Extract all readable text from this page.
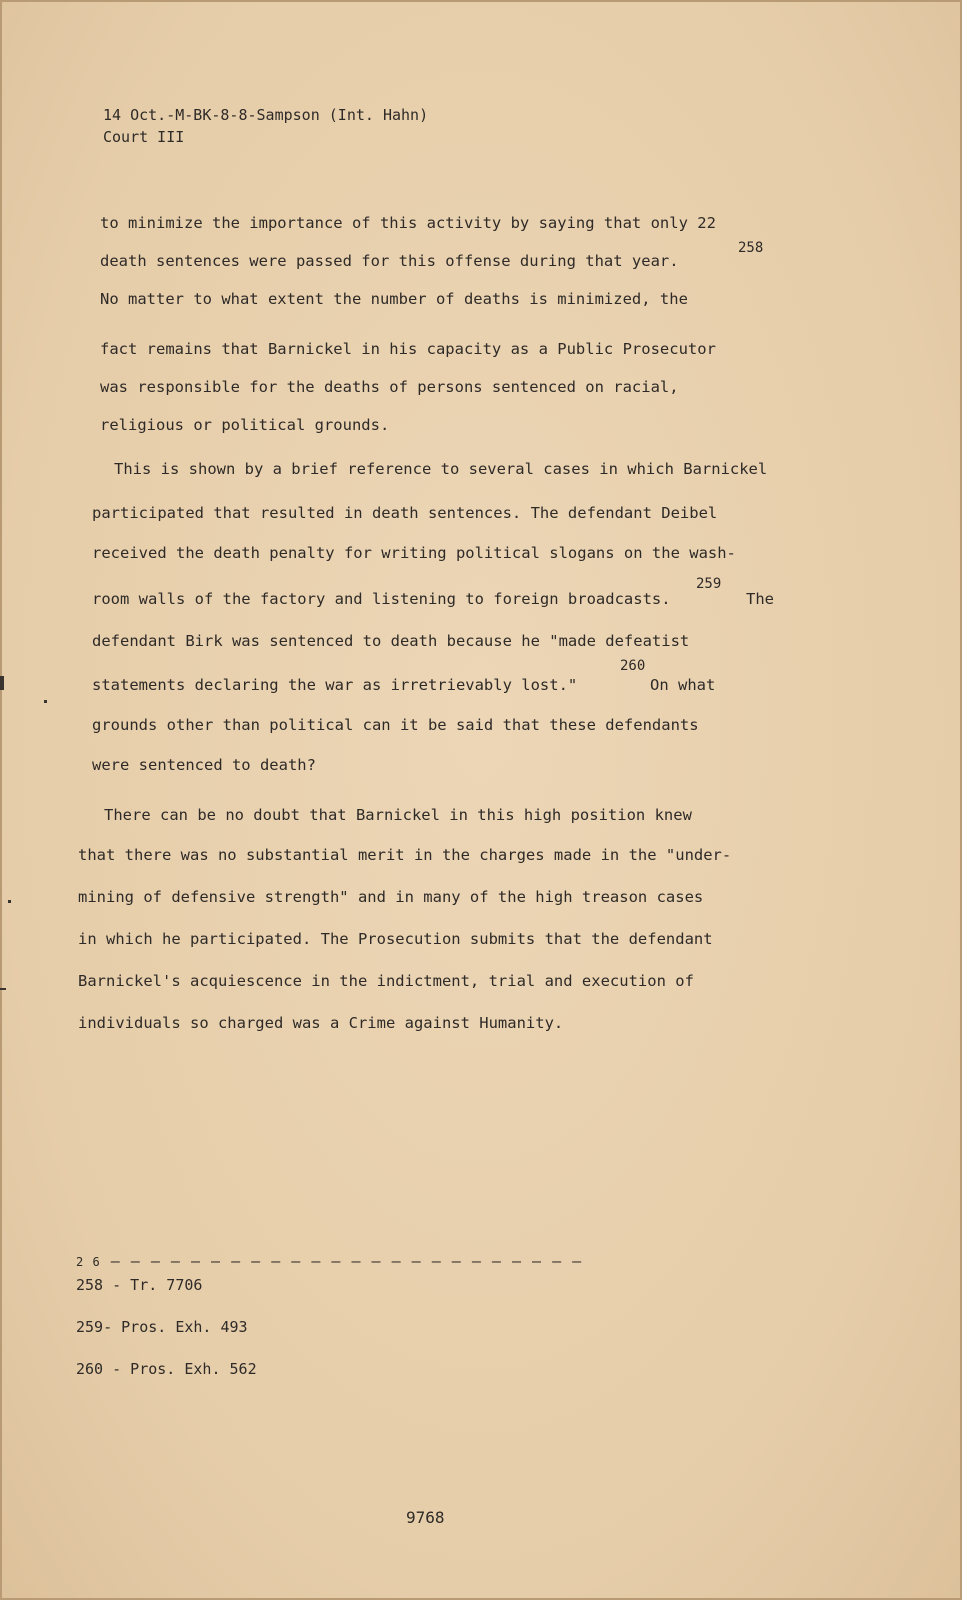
14 Oct.-M-BK-8-8-Sampson (Int. Hahn)
Court III
to minimize the importance of this activity by saying that only 22
death sentences were passed for this offense during that year.
No matter to what extent the number of deaths is minimized, the
fact remains that Barnickel in his capacity as a Public Prosecutor
was responsible for the deaths of persons sentenced on racial,
religious or political grounds.
258
This is shown by a brief reference to several cases in which Barnickel
participated that resulted in death sentences. The defendant Deibel
received the death penalty for writing political slogans on the wash-
room walls of the factory and listening to foreign broadcasts.	The
defendant Birk was sentenced to death because he "made defeatist
statements declaring the war as irretrievably lost."	On what
grounds other than political can it be said that these defendants
were sentenced to death?
259
260
There can be no doubt that Barnickel in this high position knew
that there was no substantial merit in the charges made in the "under-
mining of defensive strength" and in many of the high treason cases
in which he participated. The Prosecution submits that the defendant
Barnickel's acquiescence in the indictment, trial and execution of
individuals so charged was a Crime against Humanity.
2 6 – – – – – – – – – – – – – – – – – – – – – – – –
258 - Tr. 7706
259- Pros. Exh. 493
260 - Pros. Exh. 562
9768
